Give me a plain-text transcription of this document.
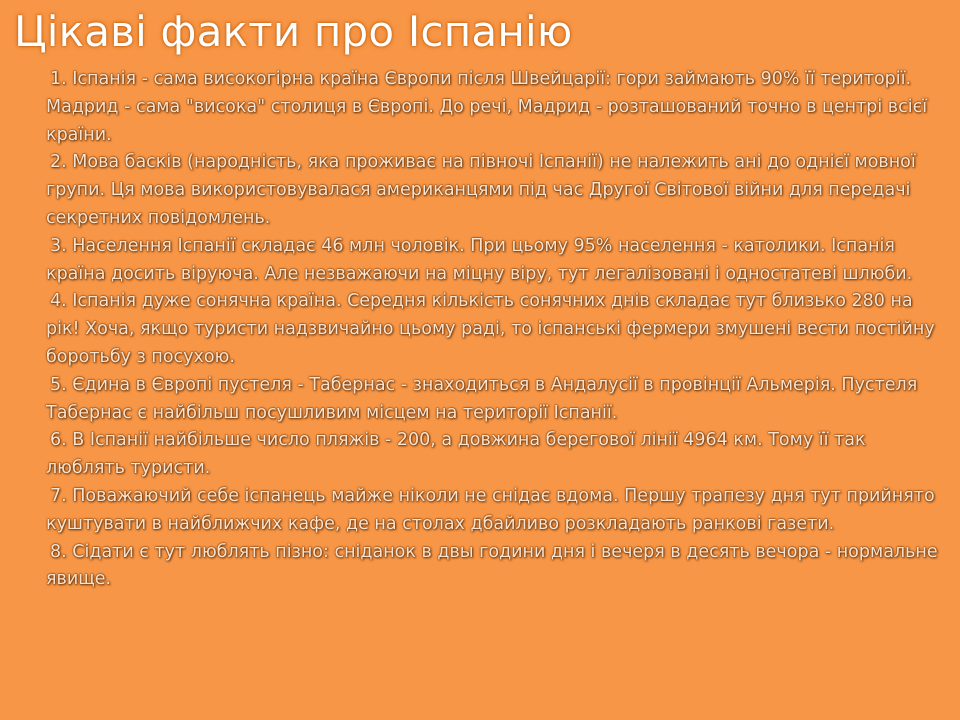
Цікаві факти про Іспанію
1. Іспанія - сама високогірна країна Європи після Швейцарії: гори займають 90% її території. Мадрид - сама "висока" столиця в Європі. До речі, Мадрид - розташований точно в центрі всієї країни.
2. Мова басків (народність, яка проживає на півночі Іспанії) не належить ані до однієї мовної групи. Ця мова використовувалася американцями під час Другої Світової війни для передачі секретних повідомлень.
3. Населення Іспанії складає 46 млн чоловік. При цьому 95% населення - католики. Іспанія країна досить віруюча. Але незважаючи на міцну віру, тут легалізовані і одностатеві шлюби.
4. Іспанія дуже сонячна країна. Середня кількість сонячних днів складає тут близько 280 на рік! Хоча, якщо туристи надзвичайно цьому раді, то іспанські фермери змушені вести постійну боротьбу з посухою.
5. Єдина в Європі пустеля - Табернас - знаходиться в Андалусії в провінції Альмерія. Пустеля Табернас є найбільш посушливим місцем на території Іспанії.
6. В Іспанії найбільше число пляжів - 200, а довжина берегової лінії 4964 км. Тому її так люблять туристи.
7. Поважаючий себе іспанець майже ніколи не снідає вдома. Першу трапезу дня тут прийнято куштувати в найближчих кафе, де на столах дбайливо розкладають ранкові газети.
8. Сідати є тут люблять пізно: сніданок в двы години дня і вечеря в десять вечора - нормальне явище.
